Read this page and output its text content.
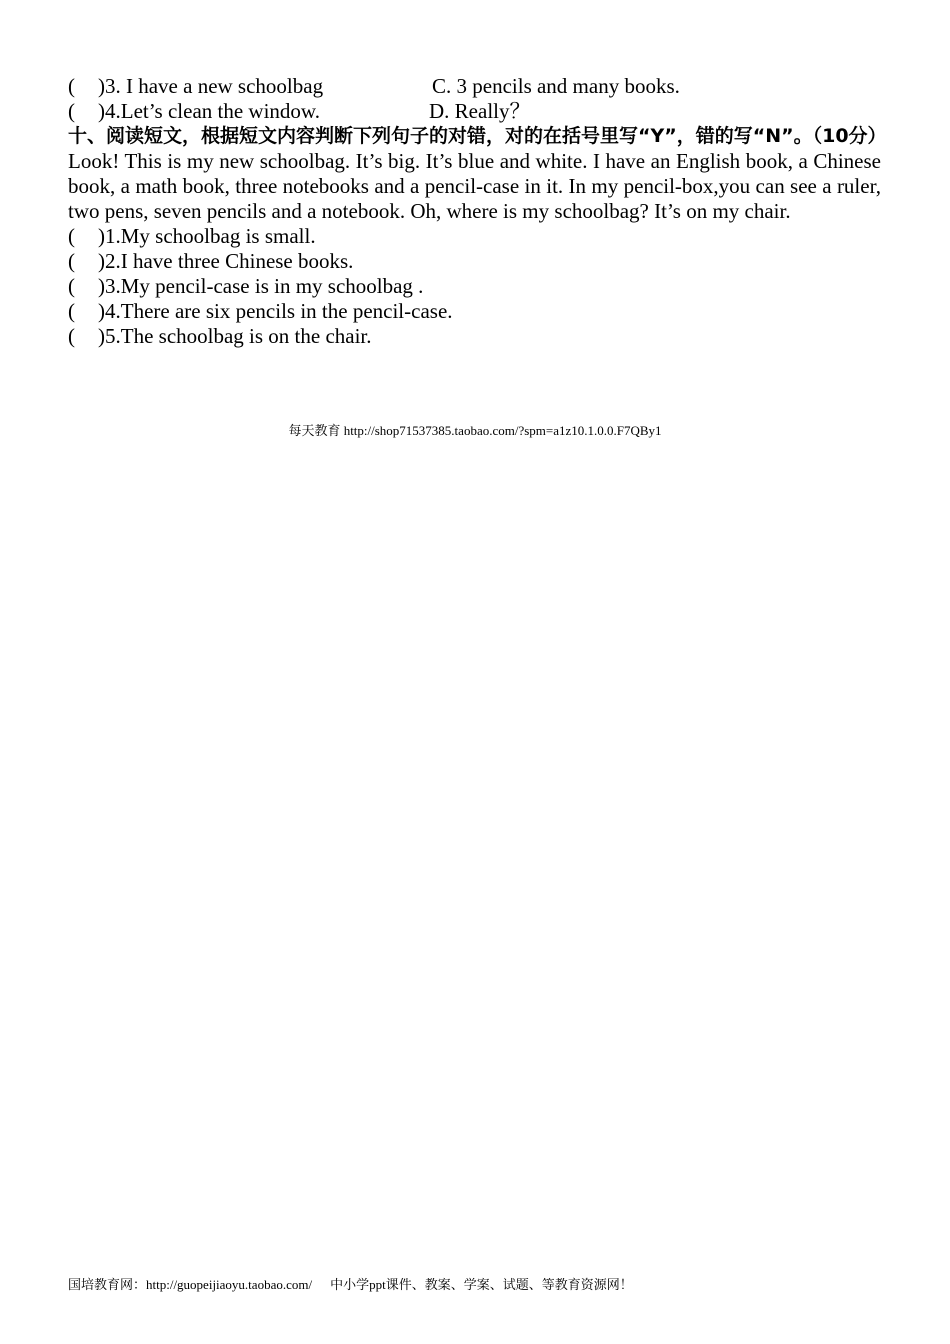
( )3. I have a new schoolbag	C. 3 pencils and many books.
( )4.Let’s clean the window.	D. Really？
十、阅读短文，根据短文内容判断下列句子的对错，对的在括号里写“Y”，错的写“N”。（10分）
Look! This is my new schoolbag. It’s big. It’s blue and white. I have an English book, a Chinese book, a math book, three notebooks and a pencil-case in it. In my pencil-box,you can see a ruler, two pens, seven pencils and a notebook. Oh, where is my schoolbag? It’s on my chair.
( )1.My schoolbag is small.
( )2.I have three Chinese books.
( )3.My pencil-case is in my schoolbag .
( )4.There are six pencils in the pencil-case.
( )5.The schoolbag is on the chair.
每天教育 http://shop71537385.taobao.com/?spm=a1z10.1.0.0.F7QBy1
国培教育网：http://guopeijiaoyu.taobao.com/ 中小学ppt课件、教案、学案、试题、等教育资源网！
